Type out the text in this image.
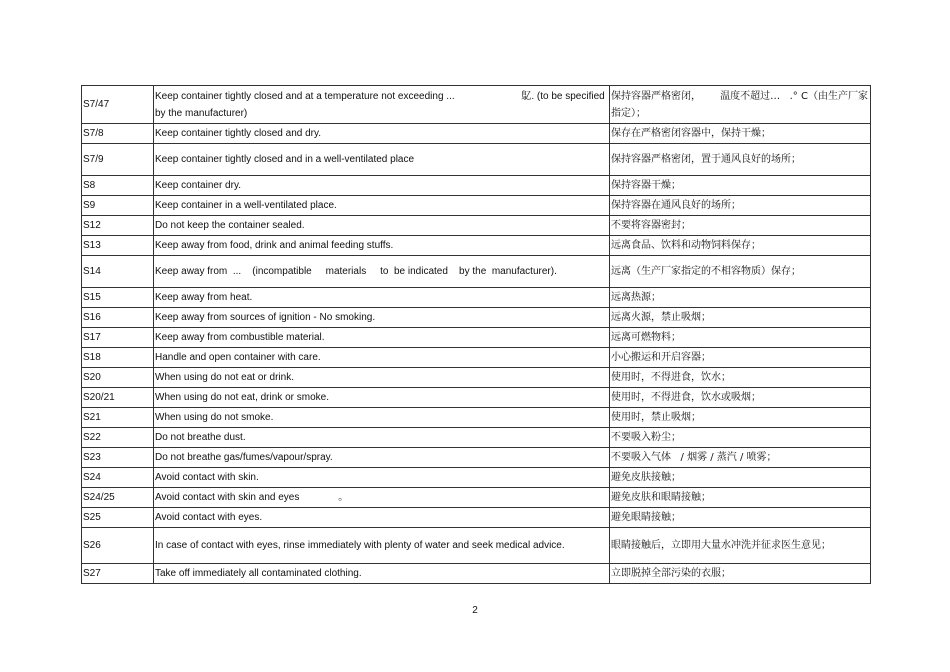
S7/47	Keep container tightly closed and at a temperature not exceeding ...                        鳦. (to be specified by the manufacturer)	保持容器严格密闭，      温度不超过…   .° C（由生产厂家指定）；
S7/8	Keep container tightly closed and dry.	保存在严格密闭容器中，保持干燥；
S7/9	Keep container tightly closed and in a well-ventilated place	保持容器严格密闭，置于通风良好的场所；
S8	Keep container dry.	保持容器干燥；
S9	Keep container in a well-ventilated place.	保持容器在通风良好的场所；
S12	Do not keep the container sealed.	不要将容器密封；
S13	Keep away from food, drink and animal feeding stuffs.	远离食品、饮料和动物饲料保存；
S14	Keep away from  ...    (incompatible     materials     to  be indicated    by the  manufacturer).	远离（生产厂家指定的不相容物质）保存；
S15	Keep away from heat.	远离热源；
S16	Keep away from sources of ignition - No smoking.	远离火源，禁止吸烟；
S17	Keep away from combustible material.	远离可燃物料；
S18	Handle and open container with care.	小心搬运和开启容器；
S20	When using do not eat or drink.	使用时，不得进食，饮水；
S20/21	When using do not eat, drink or smoke.	使用时，不得进食，饮水或吸烟；
S21	When using do not smoke.	使用时，禁止吸烟；
S22	Do not breathe dust.	不要吸入粉尘；
S23	Do not breathe gas/fumes/vapour/spray.	不要吸入气体   / 烟雾 / 蒸汽 / 喷雾；
S24	Avoid contact with skin.	避免皮肤接触；
S24/25	Avoid contact with skin and eyes              。	避免皮肤和眼睛接触；
S25	Avoid contact with eyes.	避免眼睛接触；
S26	In case of contact with eyes, rinse immediately with plenty of water and seek medical advice.	眼睛接触后，立即用大量水冲洗并征求医生意见；
S27	Take off immediately all contaminated clothing.	立即脱掉全部污染的衣服；
2
